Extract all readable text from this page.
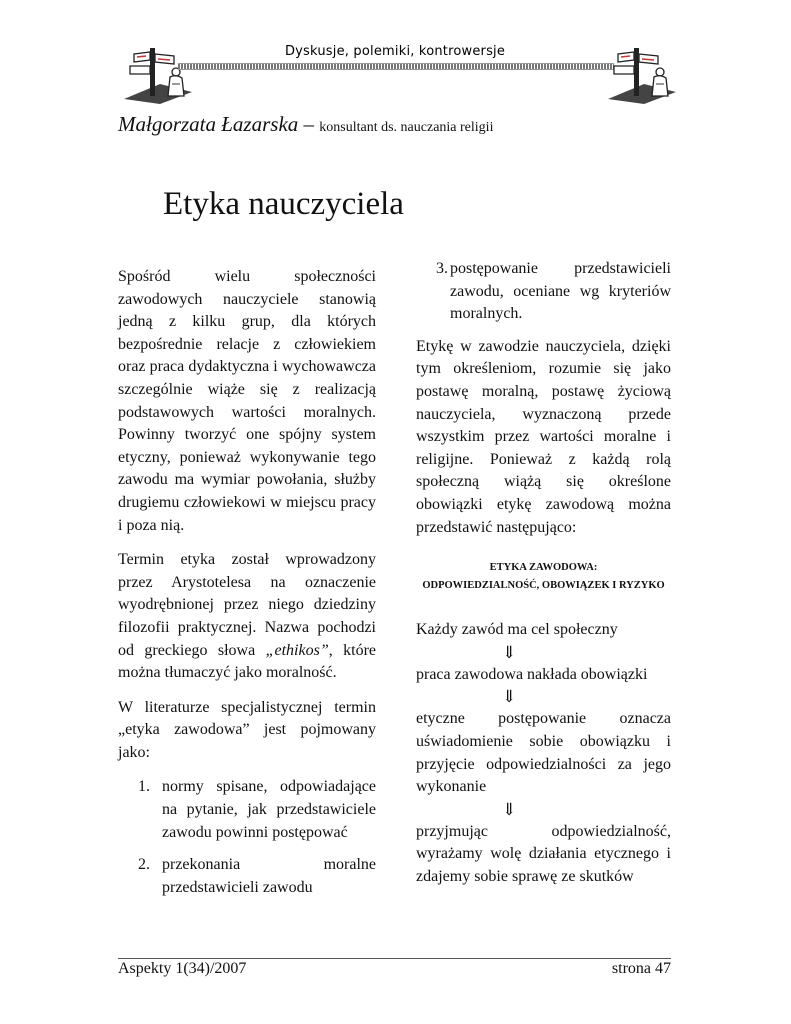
Dyskusje, polemiki, kontrowersje
Małgorzata Łazarska – konsultant ds. nauczania religii
Etyka nauczyciela

Spośród wielu społeczności zawodowych nauczyciele stanowią jedną z kilku grup, dla których bezpośrednie relacje z człowiekiem oraz praca dydaktyczna i wychowawcza szczególnie wiąże się z realizacją podstawowych wartości moralnych. Powinny tworzyć one spójny system etyczny, ponieważ wykonywanie tego zawodu ma wymiar powołania, służby drugiemu człowiekowi w miejscu pracy i poza nią.

Termin etyka został wprowadzony przez Arystotelesa na oznaczenie wyodrębnionej przez niego dziedziny filozofii praktycznej. Nazwa pochodzi od greckiego słowa „ethikos”, które można tłumaczyć jako moralność.

W literaturze specjalistycznej termin „etyka zawodowa” jest pojmowany jako:

1. normy spisane, odpowiadające na pytanie, jak przedstawiciele zawodu powinni postępować
2. przekonania moralne przedstawicieli zawodu
3. postępowanie przedstawicieli zawodu, oceniane wg kryteriów moralnych.

Etykę w zawodzie nauczyciela, dzięki tym określeniom, rozumie się jako postawę moralną, postawę życiową nauczyciela, wyznaczoną przede wszystkim przez wartości moralne i religijne. Ponieważ z każdą rolą społeczną wiążą się określone obowiązki etykę zawodową można przedstawić następująco:

ETYKA ZAWODOWA:
ODPOWIEDZIALNOŚĆ, OBOWIĄZEK I RYZYKO
Każdy zawód ma cel społeczny
⇓
praca zawodowa nakłada obowiązki
⇓
etyczne postępowanie oznacza uświadomienie sobie obowiązku i przyjęcie odpowiedzialności za jego wykonanie
⇓
przyjmując odpowiedzialność, wyrażamy wolę działania etycznego i zdajemy sobie sprawę ze skutków
Aspekty 1(34)/2007	strona 47
